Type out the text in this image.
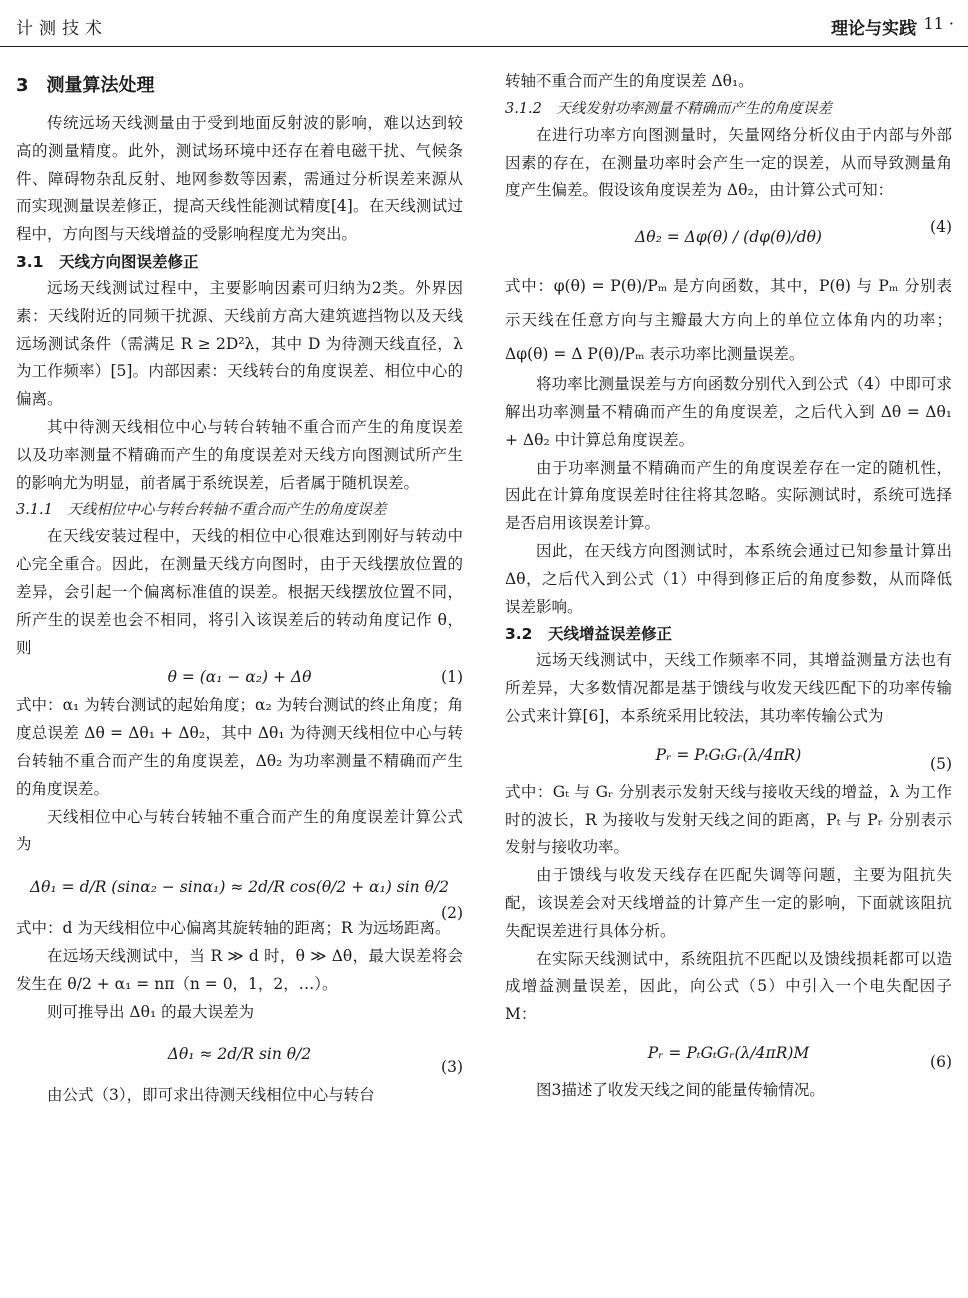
计测技术	理论与实践
· 11 ·
3　测量算法处理

传统远场天线测量由于受到地面反射波的影响，难以达到较高的测量精度。此外，测试场环境中还存在着电磁干扰、气候条件、障碍物杂乱反射、地网参数等因素，需通过分析误差来源从而实现测量误差修正，提高天线性能测试精度[4]。在天线测试过程中，方向图与天线增益的受影响程度尤为突出。

3.1　天线方向图误差修正

远场天线测试过程中，主要影响因素可归纳为2类。外界因素：天线附近的同频干扰源、天线前方高大建筑遮挡物以及天线远场测试条件（需满足 R ≥ 2D²λ，其中 D 为待测天线直径，λ 为工作频率）[5]。内部因素：天线转台的角度误差、相位中心的偏离。

其中待测天线相位中心与转台转轴不重合而产生的角度误差以及功率测量不精确而产生的角度误差对天线方向图测试所产生的影响尤为明显，前者属于系统误差，后者属于随机误差。

3.1.1　天线相位中心与转台转轴不重合而产生的角度误差

在天线安装过程中，天线的相位中心很难达到刚好与转动中心完全重合。因此，在测量天线方向图时，由于天线摆放位置的差异，会引起一个偏离标准值的误差。根据天线摆放位置不同，所产生的误差也会不相同，将引入该误差后的转动角度记作 θ，则

θ = (α₁ − α₂) + Δθ	(1)

式中：α₁ 为转台测试的起始角度；α₂ 为转台测试的终止角度；角度总误差 Δθ = Δθ₁ + Δθ₂，其中 Δθ₁ 为待测天线相位中心与转台转轴不重合而产生的角度误差，Δθ₂ 为功率测量不精确而产生的角度误差。

天线相位中心与转台转轴不重合而产生的角度误差计算公式为

Δθ₁ = d/R (sinα₂ − sinα₁) ≈ 2d/R cos(θ/2 + α₁) sin θ/2
(2)

式中：d 为天线相位中心偏离其旋转轴的距离；R 为远场距离。

在远场天线测试中，当 R ≫ d 时，θ ≫ Δθ，最大误差将会发生在 θ/2 + α₁ = nπ（n = 0，1，2，…）。

则可推导出 Δθ₁ 的最大误差为

Δθ₁ ≈ 2d/R sin θ/2
(3)

由公式（3），即可求出待测天线相位中心与转台

转轴不重合而产生的角度误差 Δθ₁。

3.1.2　天线发射功率测量不精确而产生的角度误差

在进行功率方向图测量时，矢量网络分析仪由于内部与外部因素的存在，在测量功率时会产生一定的误差，从而导致测量角度产生偏差。假设该角度误差为 Δθ₂，由计算公式可知：

Δθ₂ = Δφ(θ) / (dφ(θ)/dθ)
(4)

式中：φ(θ) = P(θ)/Pₘ 是方向函数，其中，P(θ) 与 Pₘ 分别表示天线在任意方向与主瓣最大方向上的单位立体角内的功率；Δφ(θ) = Δ P(θ)/Pₘ 表示功率比测量误差。

将功率比测量误差与方向函数分别代入到公式（4）中即可求解出功率测量不精确而产生的角度误差，之后代入到 Δθ = Δθ₁ + Δθ₂ 中计算总角度误差。

由于功率测量不精确而产生的角度误差存在一定的随机性，因此在计算角度误差时往往将其忽略。实际测试时，系统可选择是否启用该误差计算。

因此，在天线方向图测试时，本系统会通过已知参量计算出 Δθ，之后代入到公式（1）中得到修正后的角度参数，从而降低误差影响。

3.2　天线增益误差修正

远场天线测试中，天线工作频率不同，其增益测量方法也有所差异，大多数情况都是基于馈线与收发天线匹配下的功率传输公式来计算[6]，本系统采用比较法，其功率传输公式为

Pᵣ = PₜGₜGᵣ(λ/4πR)	(5)

式中：Gₜ 与 Gᵣ 分别表示发射天线与接收天线的增益，λ 为工作时的波长，R 为接收与发射天线之间的距离，Pₜ 与 Pᵣ 分别表示发射与接收功率。

由于馈线与收发天线存在匹配失调等问题，主要为阻抗失配，该误差会对天线增益的计算产生一定的影响，下面就该阻抗失配误差进行具体分析。

在实际天线测试中，系统阻抗不匹配以及馈线损耗都可以造成增益测量误差，因此，向公式（5）中引入一个电失配因子 M：

Pᵣ = PₜGₜGᵣ(λ/4πR)M	(6)

图3描述了收发天线之间的能量传输情况。
